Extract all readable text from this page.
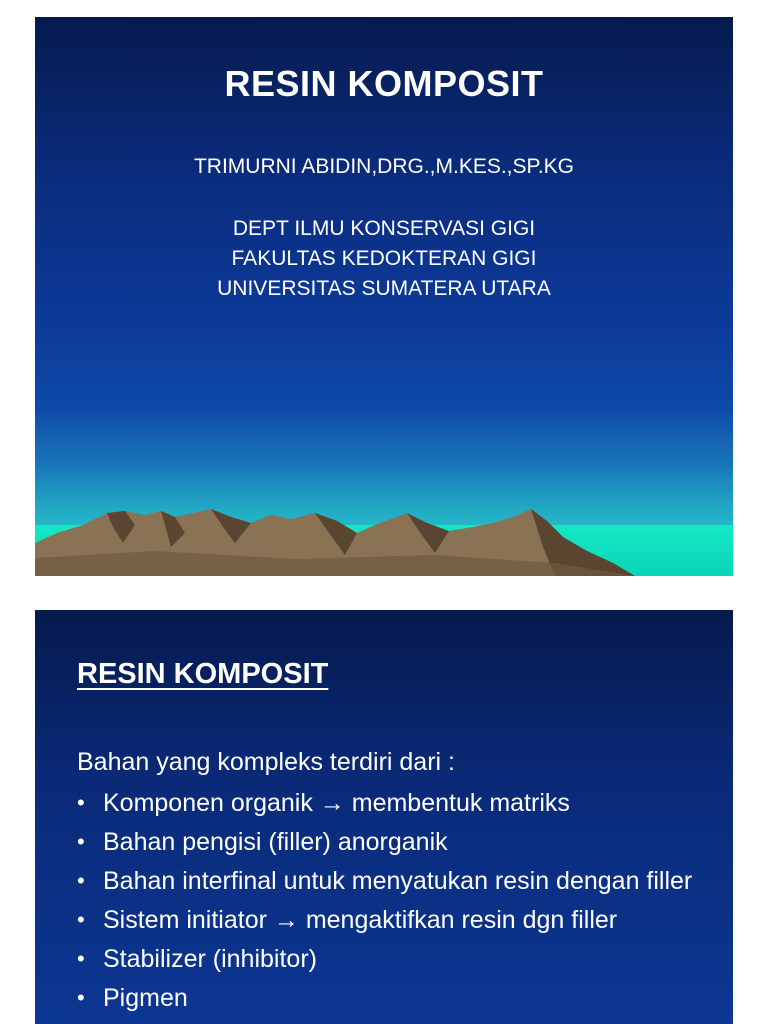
RESIN KOMPOSIT
TRIMURNI ABIDIN,DRG.,M.KES.,SP.KG
DEPT ILMU KONSERVASI GIGI
FAKULTAS KEDOKTERAN GIGI
UNIVERSITAS SUMATERA UTARA
RESIN KOMPOSIT
Bahan yang kompleks terdiri dari :
• Komponen organik → membentuk matriks
• Bahan pengisi (filler) anorganik
• Bahan interfinal untuk menyatukan resin dengan filler
• Sistem initiator → mengaktifkan resin dgn filler
• Stabilizer (inhibitor)
• Pigmen
